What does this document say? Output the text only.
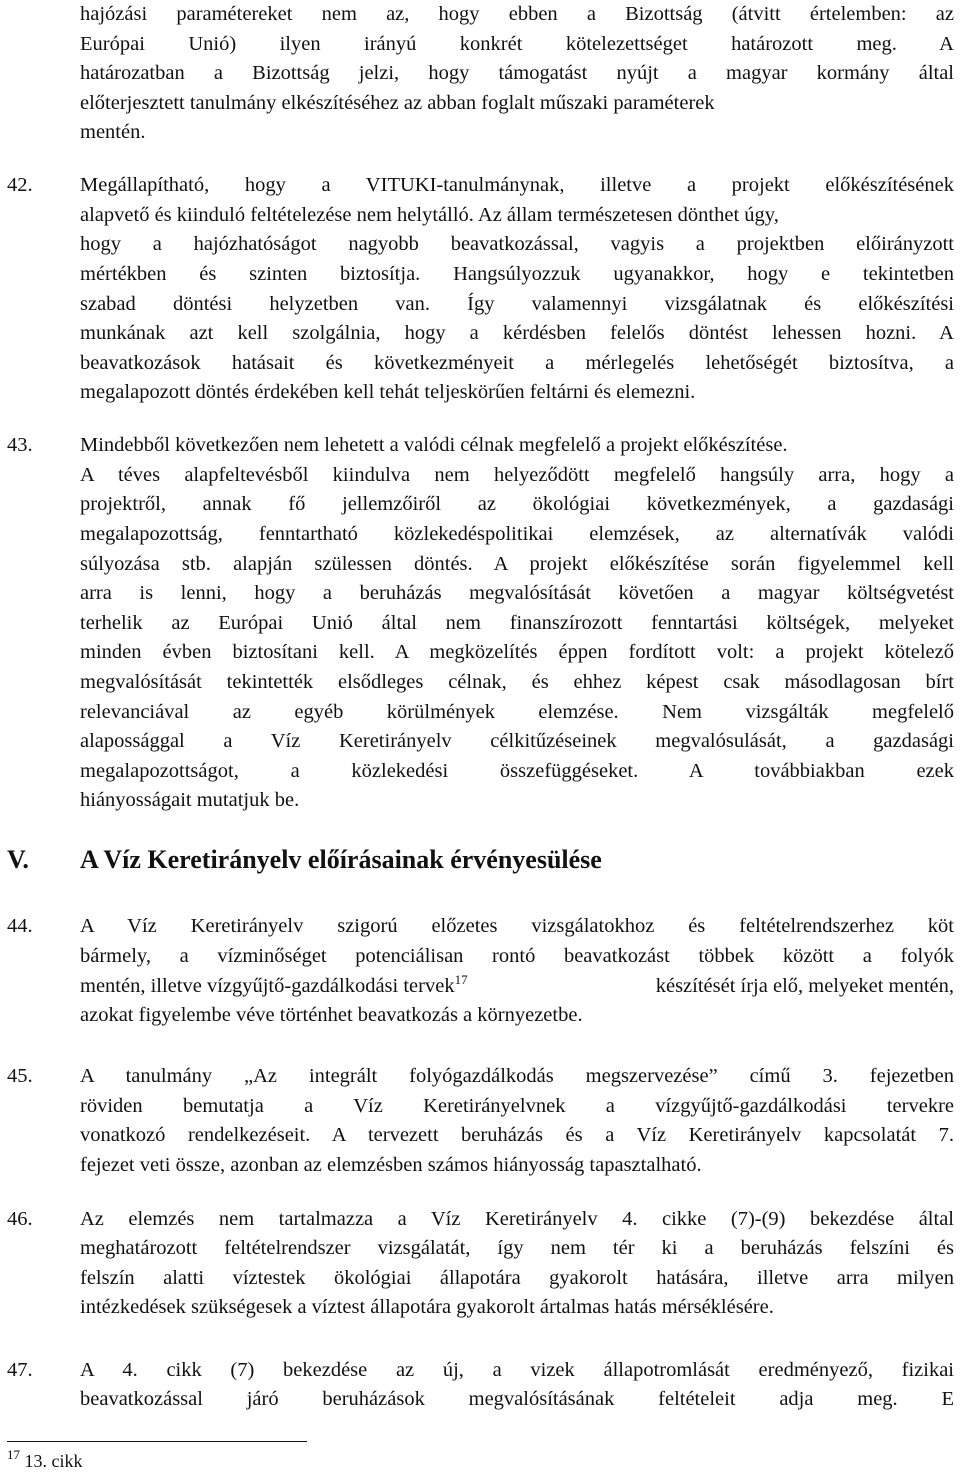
hajózási paramétereket nem az, hogy ebben a Bizottság (átvitt értelemben: az
Európai Unió) ilyen irányú konkrét kötelezettséget határozott meg. A
határozatban a Bizottság jelzi, hogy támogatást nyújt a magyar kormány által
előterjesztett tanulmány elkészítéséhez az abban foglalt műszaki paraméterek
mentén.
42. Megállapítható, hogy a VITUKI-tanulmánynak, illetve a projekt előkészítésének
alapvető és kiinduló feltételezése nem helytálló. Az állam természetesen dönthet úgy,
hogy a hajózhatóságot nagyobb beavatkozással, vagyis a projektben előirányzott
mértékben és szinten biztosítja. Hangsúlyozzuk ugyanakkor, hogy e tekintetben
szabad döntési helyzetben van. Így valamennyi vizsgálatnak és előkészítési
munkának azt kell szolgálnia, hogy a kérdésben felelős döntést lehessen hozni. A
beavatkozások hatásait és következményeit a mérlegelés lehetőségét biztosítva, a
megalapozott döntés érdekében kell tehát teljeskörűen feltárni és elemezni.
43. Mindebből következően nem lehetett a valódi célnak megfelelő a projekt előkészítése.
A téves alapfeltevésből kiindulva nem helyeződött megfelelő hangsúly arra, hogy a
projektről, annak fő jellemzőiről az ökológiai következmények, a gazdasági
megalapozottság, fenntartható közlekedéspolitikai elemzések, az alternatívák valódi
súlyozása stb. alapján szülessen döntés. A projekt előkészítése során figyelemmel kell
arra is lenni, hogy a beruházás megvalósítását követően a magyar költségvetést
terhelik az Európai Unió által nem finanszírozott fenntartási költségek, melyeket
minden évben biztosítani kell. A megközelítés éppen fordított volt: a projekt kötelező
megvalósítását tekintették elsődleges célnak, és ehhez képest csak másodlagosan bírt
relevanciával az egyéb körülmények elemzése. Nem vizsgálták megfelelő
alapossággal a Víz Keretirányelv célkitűzéseinek megvalósulását, a gazdasági
megalapozottságot, a közlekedési összefüggéseket. A továbbiakban ezek
hiányosságait mutatjuk be.
V. A Víz Keretirányelv előírásainak érvényesülése
44. A Víz Keretirányelv szigorú előzetes vizsgálatokhoz és feltételrendszerhez köt
bármely, a vízminőséget potenciálisan rontó beavatkozást többek között a folyók
mentén, illetve vízgyűjtő-gazdálkodási tervek$^{17}$	készítését írja elő, melyeket mentén,
azokat figyelembe véve történhet beavatkozás a környezetbe.
45. A tanulmány „Az integrált folyógazdálkodás megszervezése” című 3. fejezetben
röviden bemutatja a Víz Keretirányelvnek a vízgyűjtő-gazdálkodási tervekre
vonatkozó rendelkezéseit. A tervezett beruházás és a Víz Keretirányelv kapcsolatát 7.
fejezet veti össze, azonban az elemzésben számos hiányosság tapasztalható.
46. Az elemzés nem tartalmazza a Víz Keretirányelv 4. cikke (7)-(9) bekezdése által
meghatározott feltételrendszer vizsgálatát, így nem tér ki a beruházás felszíni és
felszín alatti víztestek ökológiai állapotára gyakorolt hatására, illetve arra milyen
intézkedések szükségesek a víztest állapotára gyakorolt ártalmas hatás mérséklésére.
47. A 4. cikk (7) bekezdése az új, a vizek állapotromlását eredményező, fizikai
beavatkozással járó beruházások megvalósításának feltételeit adja meg. E
$^{17}$ 13. cikk
